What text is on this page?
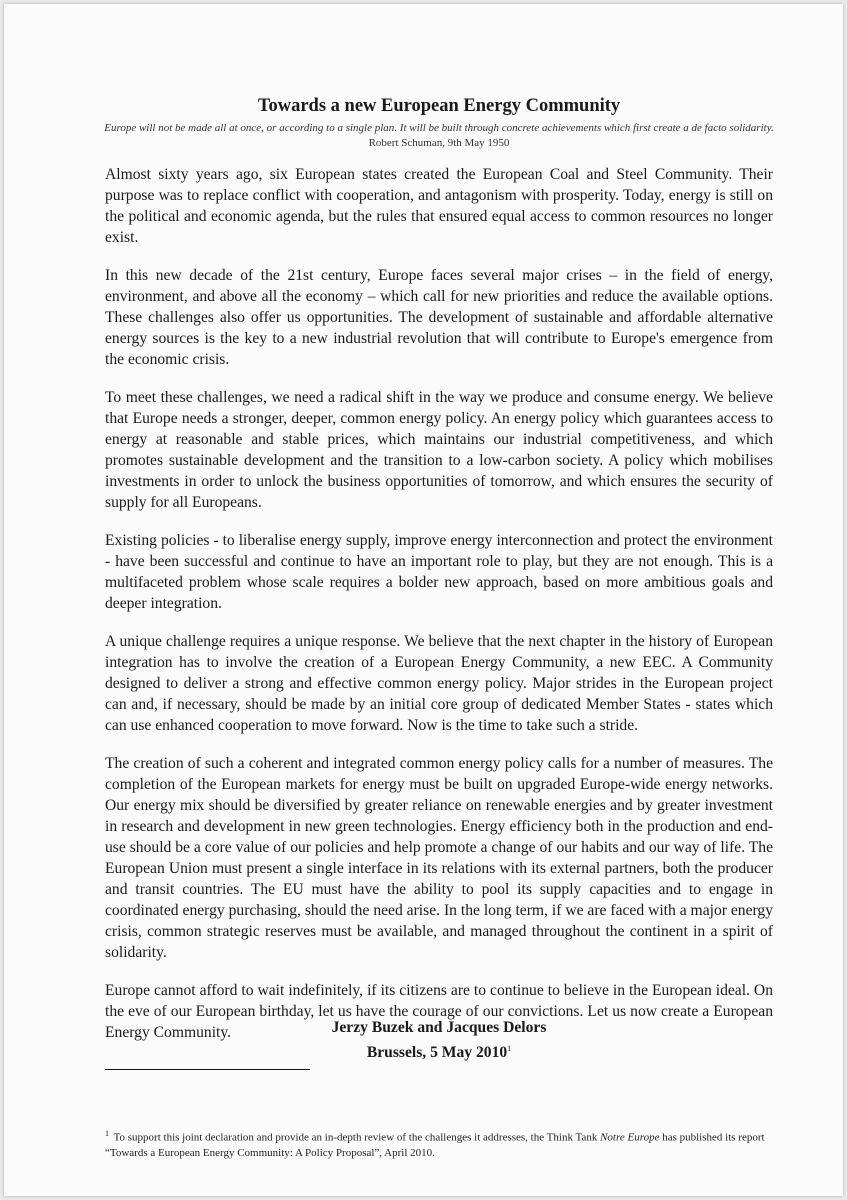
Towards a new European Energy Community
Europe will not be made all at once, or according to a single plan. It will be built through concrete achievements which first create a de facto solidarity. Robert Schuman, 9th May 1950

Almost sixty years ago, six European states created the European Coal and Steel Community. Their purpose was to replace conflict with cooperation, and antagonism with prosperity. Today, energy is still on the political and economic agenda, but the rules that ensured equal access to common resources no longer exist.

In this new decade of the 21st century, Europe faces several major crises – in the field of energy, environment, and above all the economy – which call for new priorities and reduce the available options. These challenges also offer us opportunities. The development of sustainable and affordable alternative energy sources is the key to a new industrial revolution that will contribute to Europe's emergence from the economic crisis.

To meet these challenges, we need a radical shift in the way we produce and consume energy. We believe that Europe needs a stronger, deeper, common energy policy. An energy policy which guarantees access to energy at reasonable and stable prices, which maintains our industrial competitiveness, and which promotes sustainable development and the transition to a low-carbon society. A policy which mobilises investments in order to unlock the business opportunities of tomorrow, and which ensures the security of supply for all Europeans.

Existing policies - to liberalise energy supply, improve energy interconnection and protect the environment - have been successful and continue to have an important role to play, but they are not enough. This is a multifaceted problem whose scale requires a bolder new approach, based on more ambitious goals and deeper integration.

A unique challenge requires a unique response. We believe that the next chapter in the history of European integration has to involve the creation of a European Energy Community, a new EEC. A Community designed to deliver a strong and effective common energy policy. Major strides in the European project can and, if necessary, should be made by an initial core group of dedicated Member States - states which can use enhanced cooperation to move forward. Now is the time to take such a stride.

The creation of such a coherent and integrated common energy policy calls for a number of measures. The completion of the European markets for energy must be built on upgraded Europe-wide energy networks. Our energy mix should be diversified by greater reliance on renewable energies and by greater investment in research and development in new green technologies. Energy efficiency both in the production and end-use should be a core value of our policies and help promote a change of our habits and our way of life. The European Union must present a single interface in its relations with its external partners, both the producer and transit countries. The EU must have the ability to pool its supply capacities and to engage in coordinated energy purchasing, should the need arise. In the long term, if we are faced with a major energy crisis, common strategic reserves must be available, and managed throughout the continent in a spirit of solidarity.

Europe cannot afford to wait indefinitely, if its citizens are to continue to believe in the European ideal. On the eve of our European birthday, let us have the courage of our convictions. Let us now create a European Energy Community.	Jerzy Buzek and Jacques Delors
Brussels, 5 May 2010$^1$
$^1$ To support this joint declaration and provide an in-depth review of the challenges it addresses, the Think Tank Notre Europe has published its report “Towards a European Energy Community: A Policy Proposal”, April 2010.
